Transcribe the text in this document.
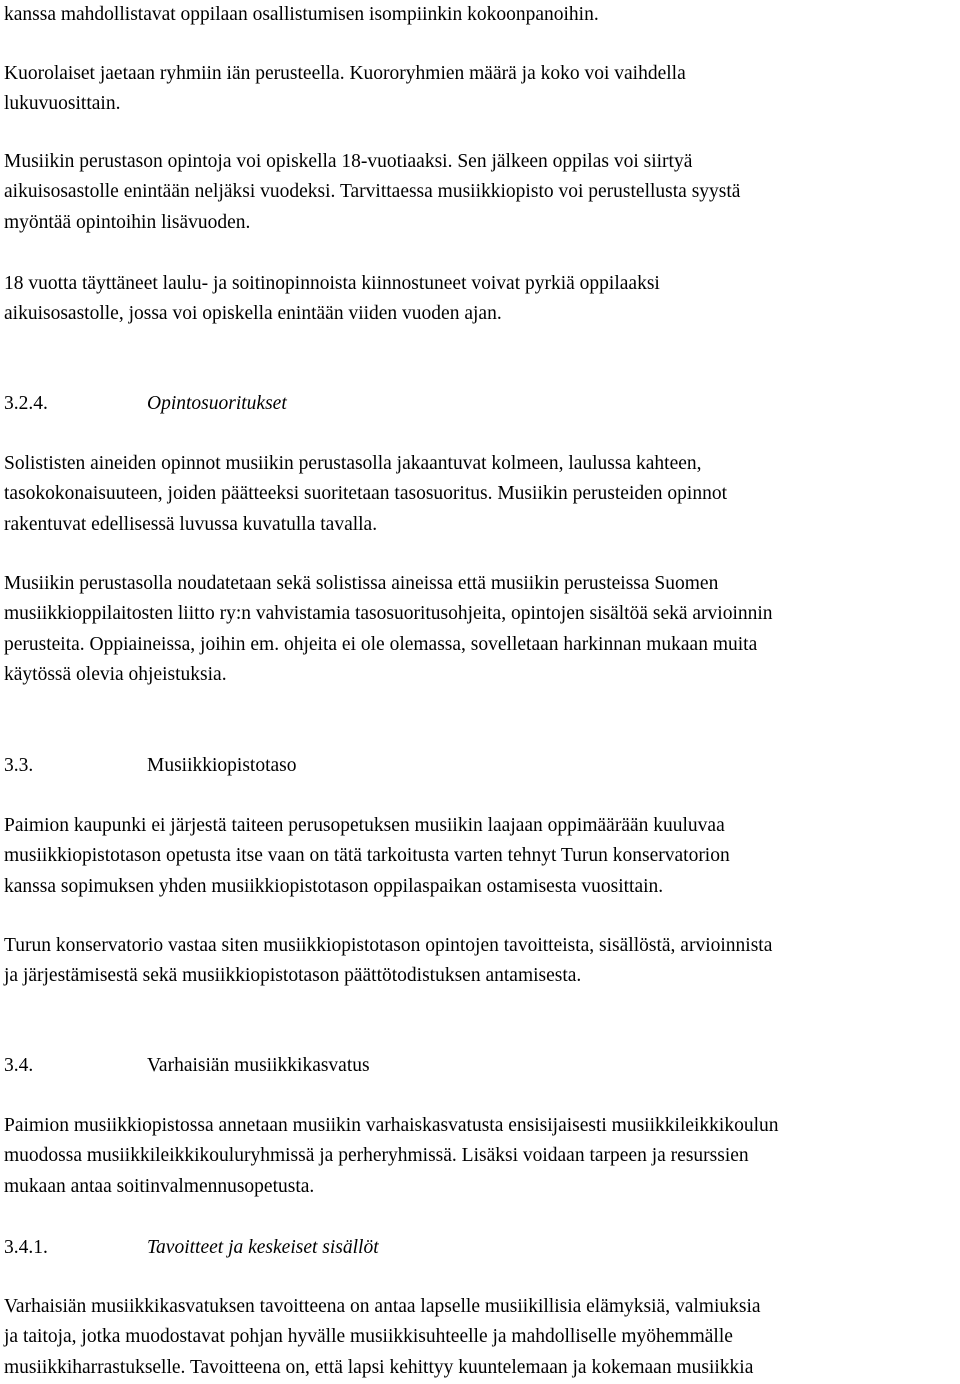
kanssa mahdollistavat oppilaan osallistumisen isompiinkin kokoonpanoihin.

Kuorolaiset jaetaan ryhmiin iän perusteella. Kuororyhmien määrä ja koko voi vaihdella
lukuvuosittain.

Musiikin perustason opintoja voi opiskella 18-vuotiaaksi. Sen jälkeen oppilas voi siirtyä
aikuisosastolle enintään neljäksi vuodeksi. Tarvittaessa musiikkiopisto voi perustellusta syystä
myöntää opintoihin lisävuoden.

18 vuotta täyttäneet laulu- ja soitinopinnoista kiinnostuneet voivat pyrkiä oppilaaksi
aikuisosastolle, jossa voi opiskella enintään viiden vuoden ajan.

3.2.4.	Opintosuoritukset

Solististen aineiden opinnot musiikin perustasolla jakaantuvat kolmeen, laulussa kahteen,
tasokokonaisuuteen, joiden päätteeksi suoritetaan tasosuoritus. Musiikin perusteiden opinnot
rakentuvat edellisessä luvussa kuvatulla tavalla.

Musiikin perustasolla noudatetaan sekä solistissa aineissa että musiikin perusteissa Suomen
musiikkioppilaitosten liitto ry:n vahvistamia tasosuoritusohjeita, opintojen sisältöä sekä arvioinnin
perusteita. Oppiaineissa, joihin em. ohjeita ei ole olemassa, sovelletaan harkinnan mukaan muita
käytössä olevia ohjeistuksia.

3.3.	Musiikkiopistotaso

Paimion kaupunki ei järjestä taiteen perusopetuksen musiikin laajaan oppimäärään kuuluvaa
musiikkiopistotason opetusta itse vaan on tätä tarkoitusta varten tehnyt Turun konservatorion
kanssa sopimuksen yhden musiikkiopistotason oppilaspaikan ostamisesta vuosittain.

Turun konservatorio vastaa siten musiikkiopistotason opintojen tavoitteista, sisällöstä, arvioinnista
ja järjestämisestä sekä musiikkiopistotason päättötodistuksen antamisesta.

3.4.	Varhaisiän musiikkikasvatus

Paimion musiikkiopistossa annetaan musiikin varhaiskasvatusta ensisijaisesti musiikkileikkikoulun
muodossa musiikkileikkikouluryhmissä ja perheryhmissä. Lisäksi voidaan tarpeen ja resurssien
mukaan antaa soitinvalmennusopetusta.

3.4.1.	Tavoitteet ja keskeiset sisällöt

Varhaisiän musiikkikasvatuksen tavoitteena on antaa lapselle musiikillisia elämyksiä, valmiuksia
ja taitoja, jotka muodostavat pohjan hyvälle musiikkisuhteelle ja mahdolliselle myöhemmälle
musiikkiharrastukselle. Tavoitteena on, että lapsi kehittyy kuuntelemaan ja kokemaan musiikkia
